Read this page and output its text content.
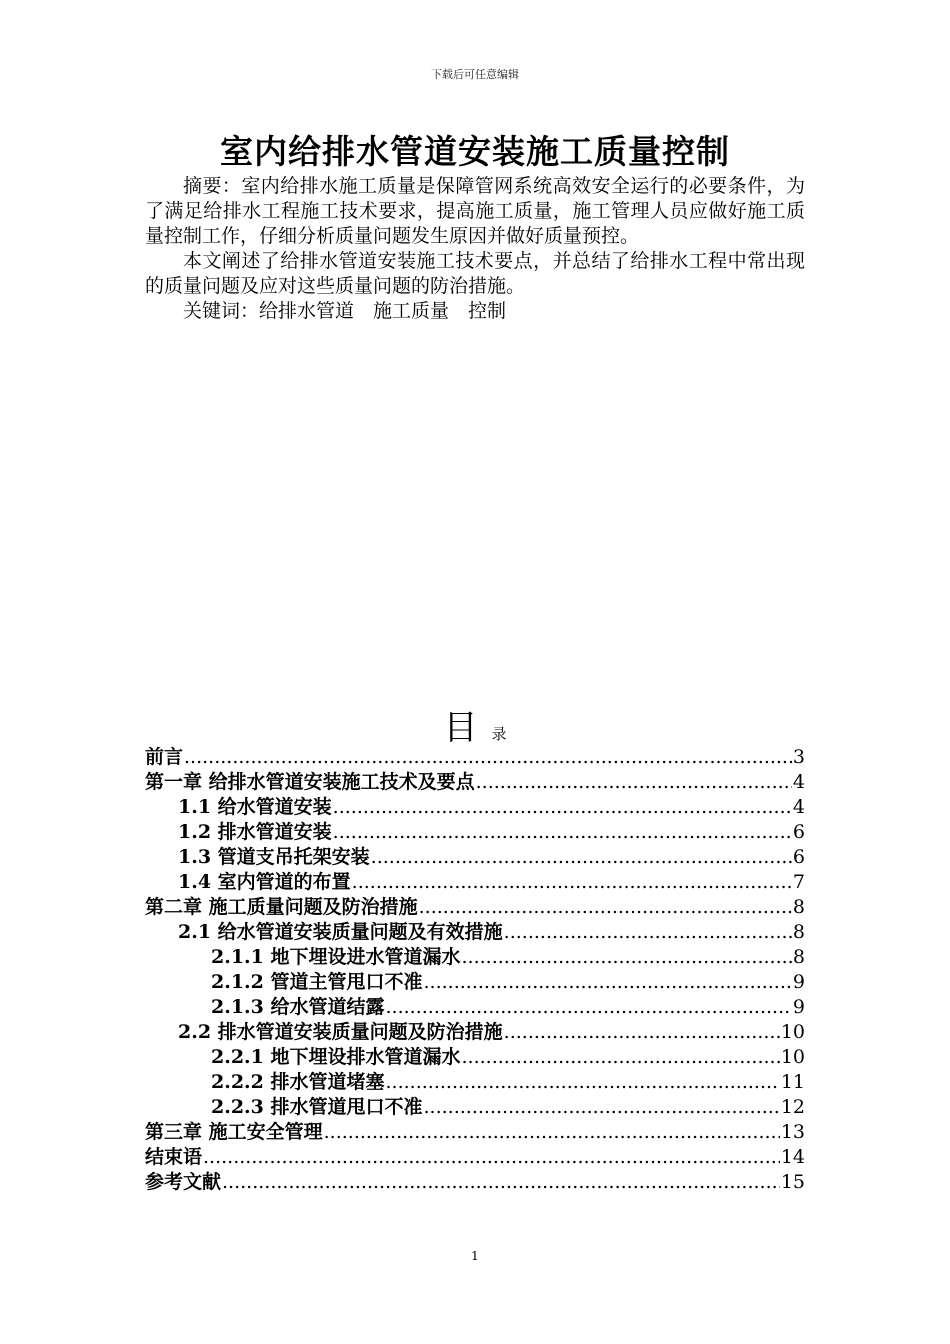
下载后可任意编辑
室内给排水管道安装施工质量控制

摘要：室内给排水施工质量是保障管网系统高效安全运行的必要条件，为了满足给排水工程施工技术要求，提高施工质量，施工管理人员应做好施工质量控制工作，仔细分析质量问题发生原因并做好质量预控。

本文阐述了给排水管道安装施工技术要点，并总结了给排水工程中常出现的质量问题及应对这些质量问题的防治措施。

关键词：给排水管道　施工质量　控制

目录
前言 .....	3
第一章 给排水管道安装施工技术及要点 .....	4
1.1 给水管道安装 .....	4
1.2 排水管道安装 .....	6
1.3 管道支吊托架安装 .....	6
1.4 室内管道的布置 .....	7
第二章 施工质量问题及防治措施 .....	8
2.1 给水管道安装质量问题及有效措施 .....	8
2.1.1 地下埋设进水管道漏水 .....	8
2.1.2 管道主管甩口不准 .....	9
2.1.3 给水管道结露 .....	9
2.2 排水管道安装质量问题及防治措施 .....	10
2.2.1 地下埋设排水管道漏水 .....	10
2.2.2 排水管道堵塞 .....	11
2.2.3 排水管道甩口不准 .....	12
第三章 施工安全管理 .....	13
结束语 .....	14
参考文献 .....	15
1
